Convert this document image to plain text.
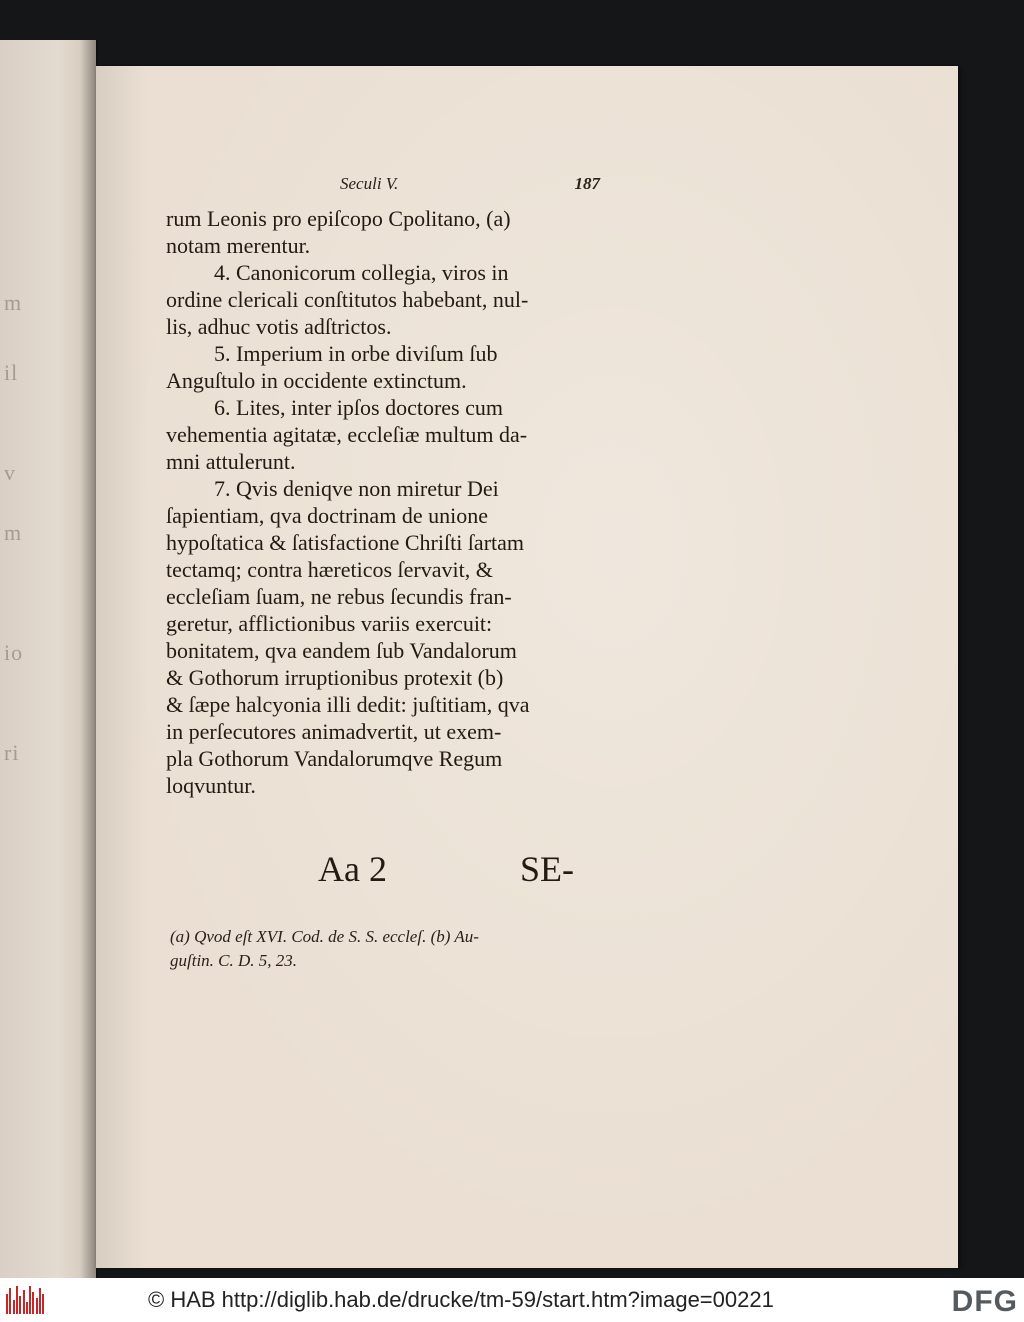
m
il
v
m
io
ri
Seculi V.	187
rum Leonis pro epiſcopo Cpolitano, (a)
notam merentur.
4. Canonicorum collegia, viros in
ordine clericali conſtitutos habebant, nul-
lis, adhuc votis adſtrictos.
5. Imperium in orbe diviſum ſub
Anguſtulo in occidente extinctum.
6. Lites, inter ipſos doctores cum
vehementia agitatæ, eccleſiæ multum da-
mni attulerunt.
7. Qvis deniqve non miretur Dei
ſapientiam, qva doctrinam de unione
hypoſtatica & ſatisfactione Chriſti ſartam
tectamq; contra hæreticos ſervavit, &
eccleſiam ſuam, ne rebus ſecundis fran-
geretur, afflictionibus variis exercuit:
bonitatem, qva eandem ſub Vandalorum
& Gothorum irruptionibus protexit (b)
& ſæpe halcyonia illi dedit: juſtitiam, qva
in perſecutores animadvertit, ut exem-
pla Gothorum Vandalorumqve Regum
loqvuntur.
Aa 2	SE-
(a) Qvod eſt XVI. Cod. de S. S. eccleſ. (b) Au-
guſtin. C. D. 5, 23.
© HAB http://diglib.hab.de/drucke/tm-59/start.htm?image=00221	DFG
